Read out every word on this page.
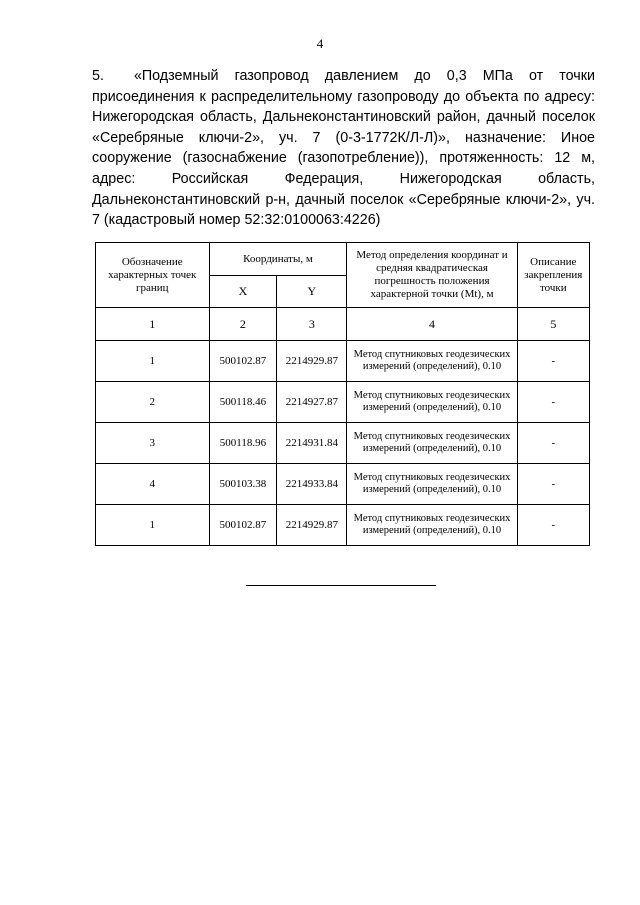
4
5. «Подземный газопровод давлением до 0,3 МПа от точки присоединения к распределительному газопроводу до объекта по адресу: Нижегородская область, Дальнеконстантиновский район, дачный поселок «Серебряные ключи-2», уч. 7 (0-3-1772К/Л-Л)», назначение: Иное сооружение (газоснабжение (газопотребление)), протяженность: 12 м, адрес: Российская Федерация, Нижегородская область, Дальнеконстантиновский р-н, дачный поселок «Серебряные ключи-2», уч. 7 (кадастровый номер 52:32:0100063:4226)
Обозначение характерных точек границ	Координаты, м		Метод определения координат и средняя квадратическая погрешность положения характерной точки (Mt), м	Описание закрепления точки
	X	Y		
1	2	3	4	5
1	500102.87	2214929.87	Метод спутниковых геодезических измерений (определений), 0.10	-
2	500118.46	2214927.87	Метод спутниковых геодезических измерений (определений), 0.10	-
3	500118.96	2214931.84	Метод спутниковых геодезических измерений (определений), 0.10	-
4	500103.38	2214933.84	Метод спутниковых геодезических измерений (определений), 0.10	-
1	500102.87	2214929.87	Метод спутниковых геодезических измерений (определений), 0.10	-
